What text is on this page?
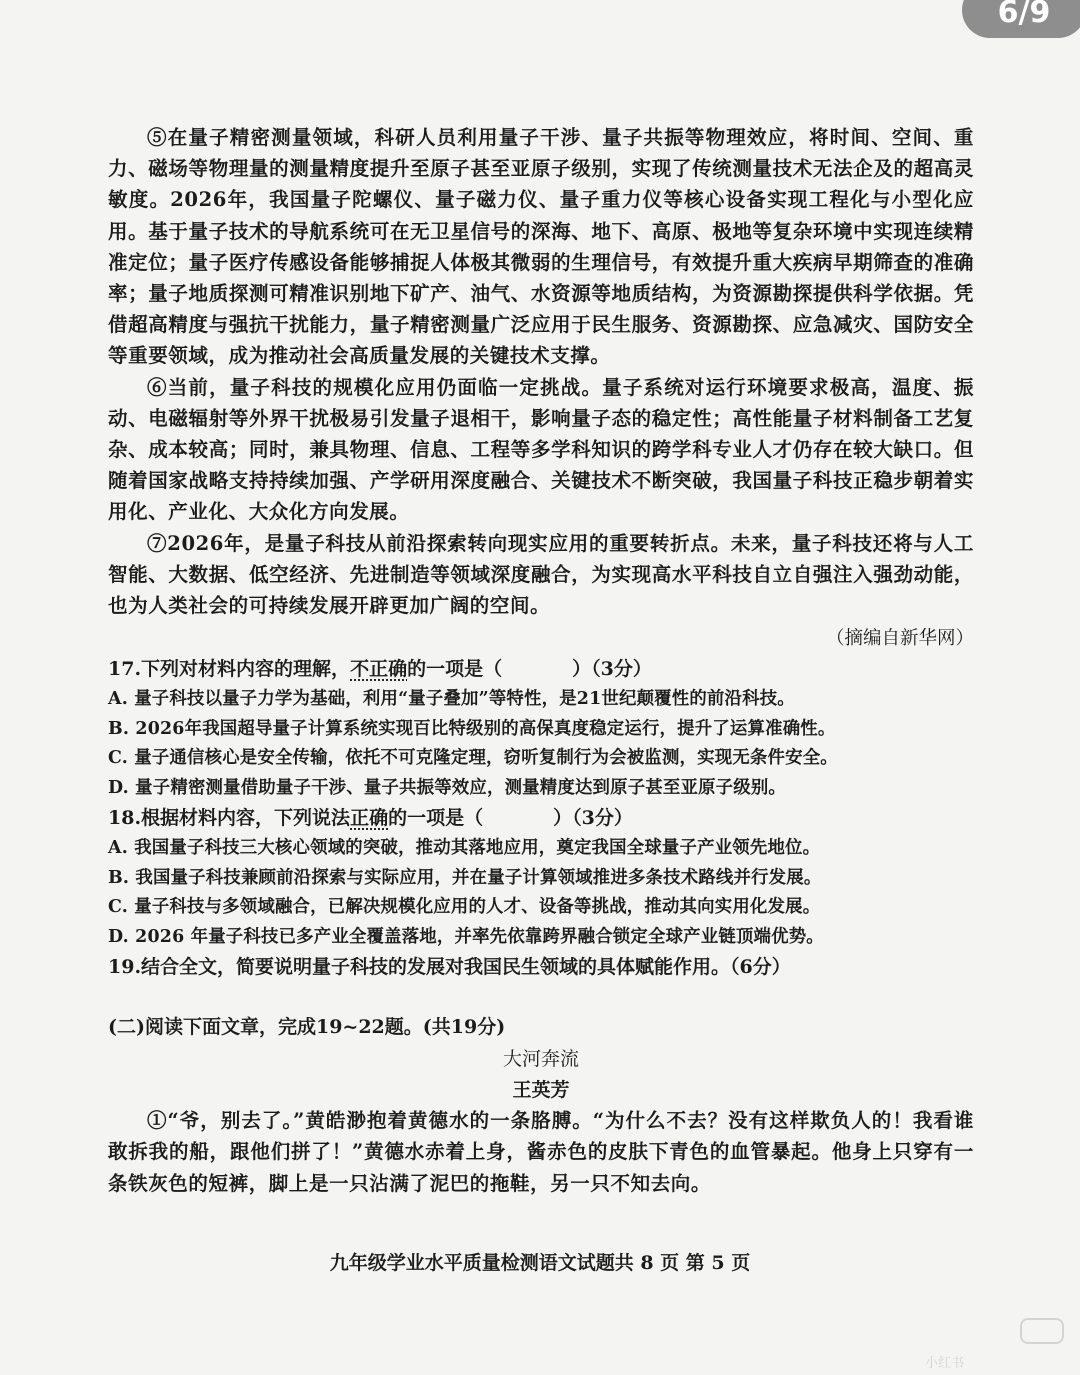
6/9

⑤在量子精密测量领域，科研人员利用量子干涉、量子共振等物理效应，将时间、空间、重力、磁场等物理量的测量精度提升至原子甚至亚原子级别，实现了传统测量技术无法企及的超高灵敏度。2026年，我国量子陀螺仪、量子磁力仪、量子重力仪等核心设备实现工程化与小型化应用。基于量子技术的导航系统可在无卫星信号的深海、地下、高原、极地等复杂环境中实现连续精准定位；量子医疗传感设备能够捕捉人体极其微弱的生理信号，有效提升重大疾病早期筛查的准确率；量子地质探测可精准识别地下矿产、油气、水资源等地质结构，为资源勘探提供科学依据。凭借超高精度与强抗干扰能力，量子精密测量广泛应用于民生服务、资源勘探、应急减灾、国防安全等重要领域，成为推动社会高质量发展的关键技术支撑。

⑥当前，量子科技的规模化应用仍面临一定挑战。量子系统对运行环境要求极高，温度、振动、电磁辐射等外界干扰极易引发量子退相干，影响量子态的稳定性；高性能量子材料制备工艺复杂、成本较高；同时，兼具物理、信息、工程等多学科知识的跨学科专业人才仍存在较大缺口。但随着国家战略支持持续加强、产学研用深度融合、关键技术不断突破，我国量子科技正稳步朝着实用化、产业化、大众化方向发展。

⑦2026年，是量子科技从前沿探索转向现实应用的重要转折点。未来，量子科技还将与人工智能、大数据、低空经济、先进制造等领域深度融合，为实现高水平科技自立自强注入强劲动能，也为人类社会的可持续发展开辟更加广阔的空间。

（摘编自新华网）

17.下列对材料内容的理解，不正确的一项是（	）（3分）

A. 量子科技以量子力学为基础，利用“量子叠加”等特性，是21世纪颠覆性的前沿科技。

B. 2026年我国超导量子计算系统实现百比特级别的高保真度稳定运行，提升了运算准确性。

C. 量子通信核心是安全传输，依托不可克隆定理，窃听复制行为会被监测，实现无条件安全。

D. 量子精密测量借助量子干涉、量子共振等效应，测量精度达到原子甚至亚原子级别。

18.根据材料内容，下列说法正确的一项是（	）（3分）

A. 我国量子科技三大核心领域的突破，推动其落地应用，奠定我国全球量子产业领先地位。

B. 我国量子科技兼顾前沿探索与实际应用，并在量子计算领域推进多条技术路线并行发展。

C. 量子科技与多领域融合，已解决规模化应用的人才、设备等挑战，推动其向实用化发展。

D. 2026 年量子科技已多产业全覆盖落地，并率先依靠跨界融合锁定全球产业链顶端优势。

19.结合全文，简要说明量子科技的发展对我国民生领域的具体赋能作用。（6分）

(二)阅读下面文章，完成19~22题。(共19分)

大河奔流

王英芳

①“爷，别去了。”黄皓渺抱着黄德水的一条胳膊。“为什么不去？没有这样欺负人的！我看谁敢拆我的船，跟他们拼了！”黄德水赤着上身，酱赤色的皮肤下青色的血管暴起。他身上只穿有一条铁灰色的短裤，脚上是一只沾满了泥巴的拖鞋，另一只不知去向。

九年级学业水平质量检测语文试题共 8 页 第 5 页

小红书
